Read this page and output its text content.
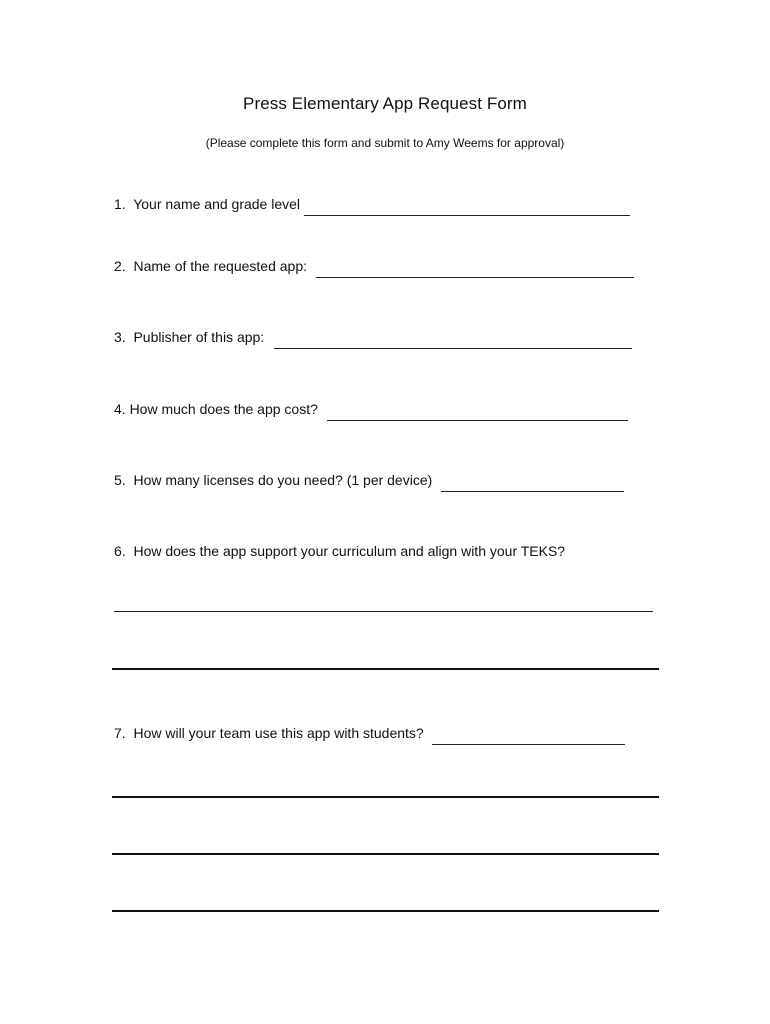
Press Elementary App Request Form
(Please complete this form and submit to Amy Weems for approval)
1.  Your name and grade level
2.  Name of the requested app:
3.  Publisher of this app:
4. How much does the app cost?
5.  How many licenses do you need? (1 per device)
6.  How does the app support your curriculum and align with your TEKS?
7.  How will your team use this app with students?
